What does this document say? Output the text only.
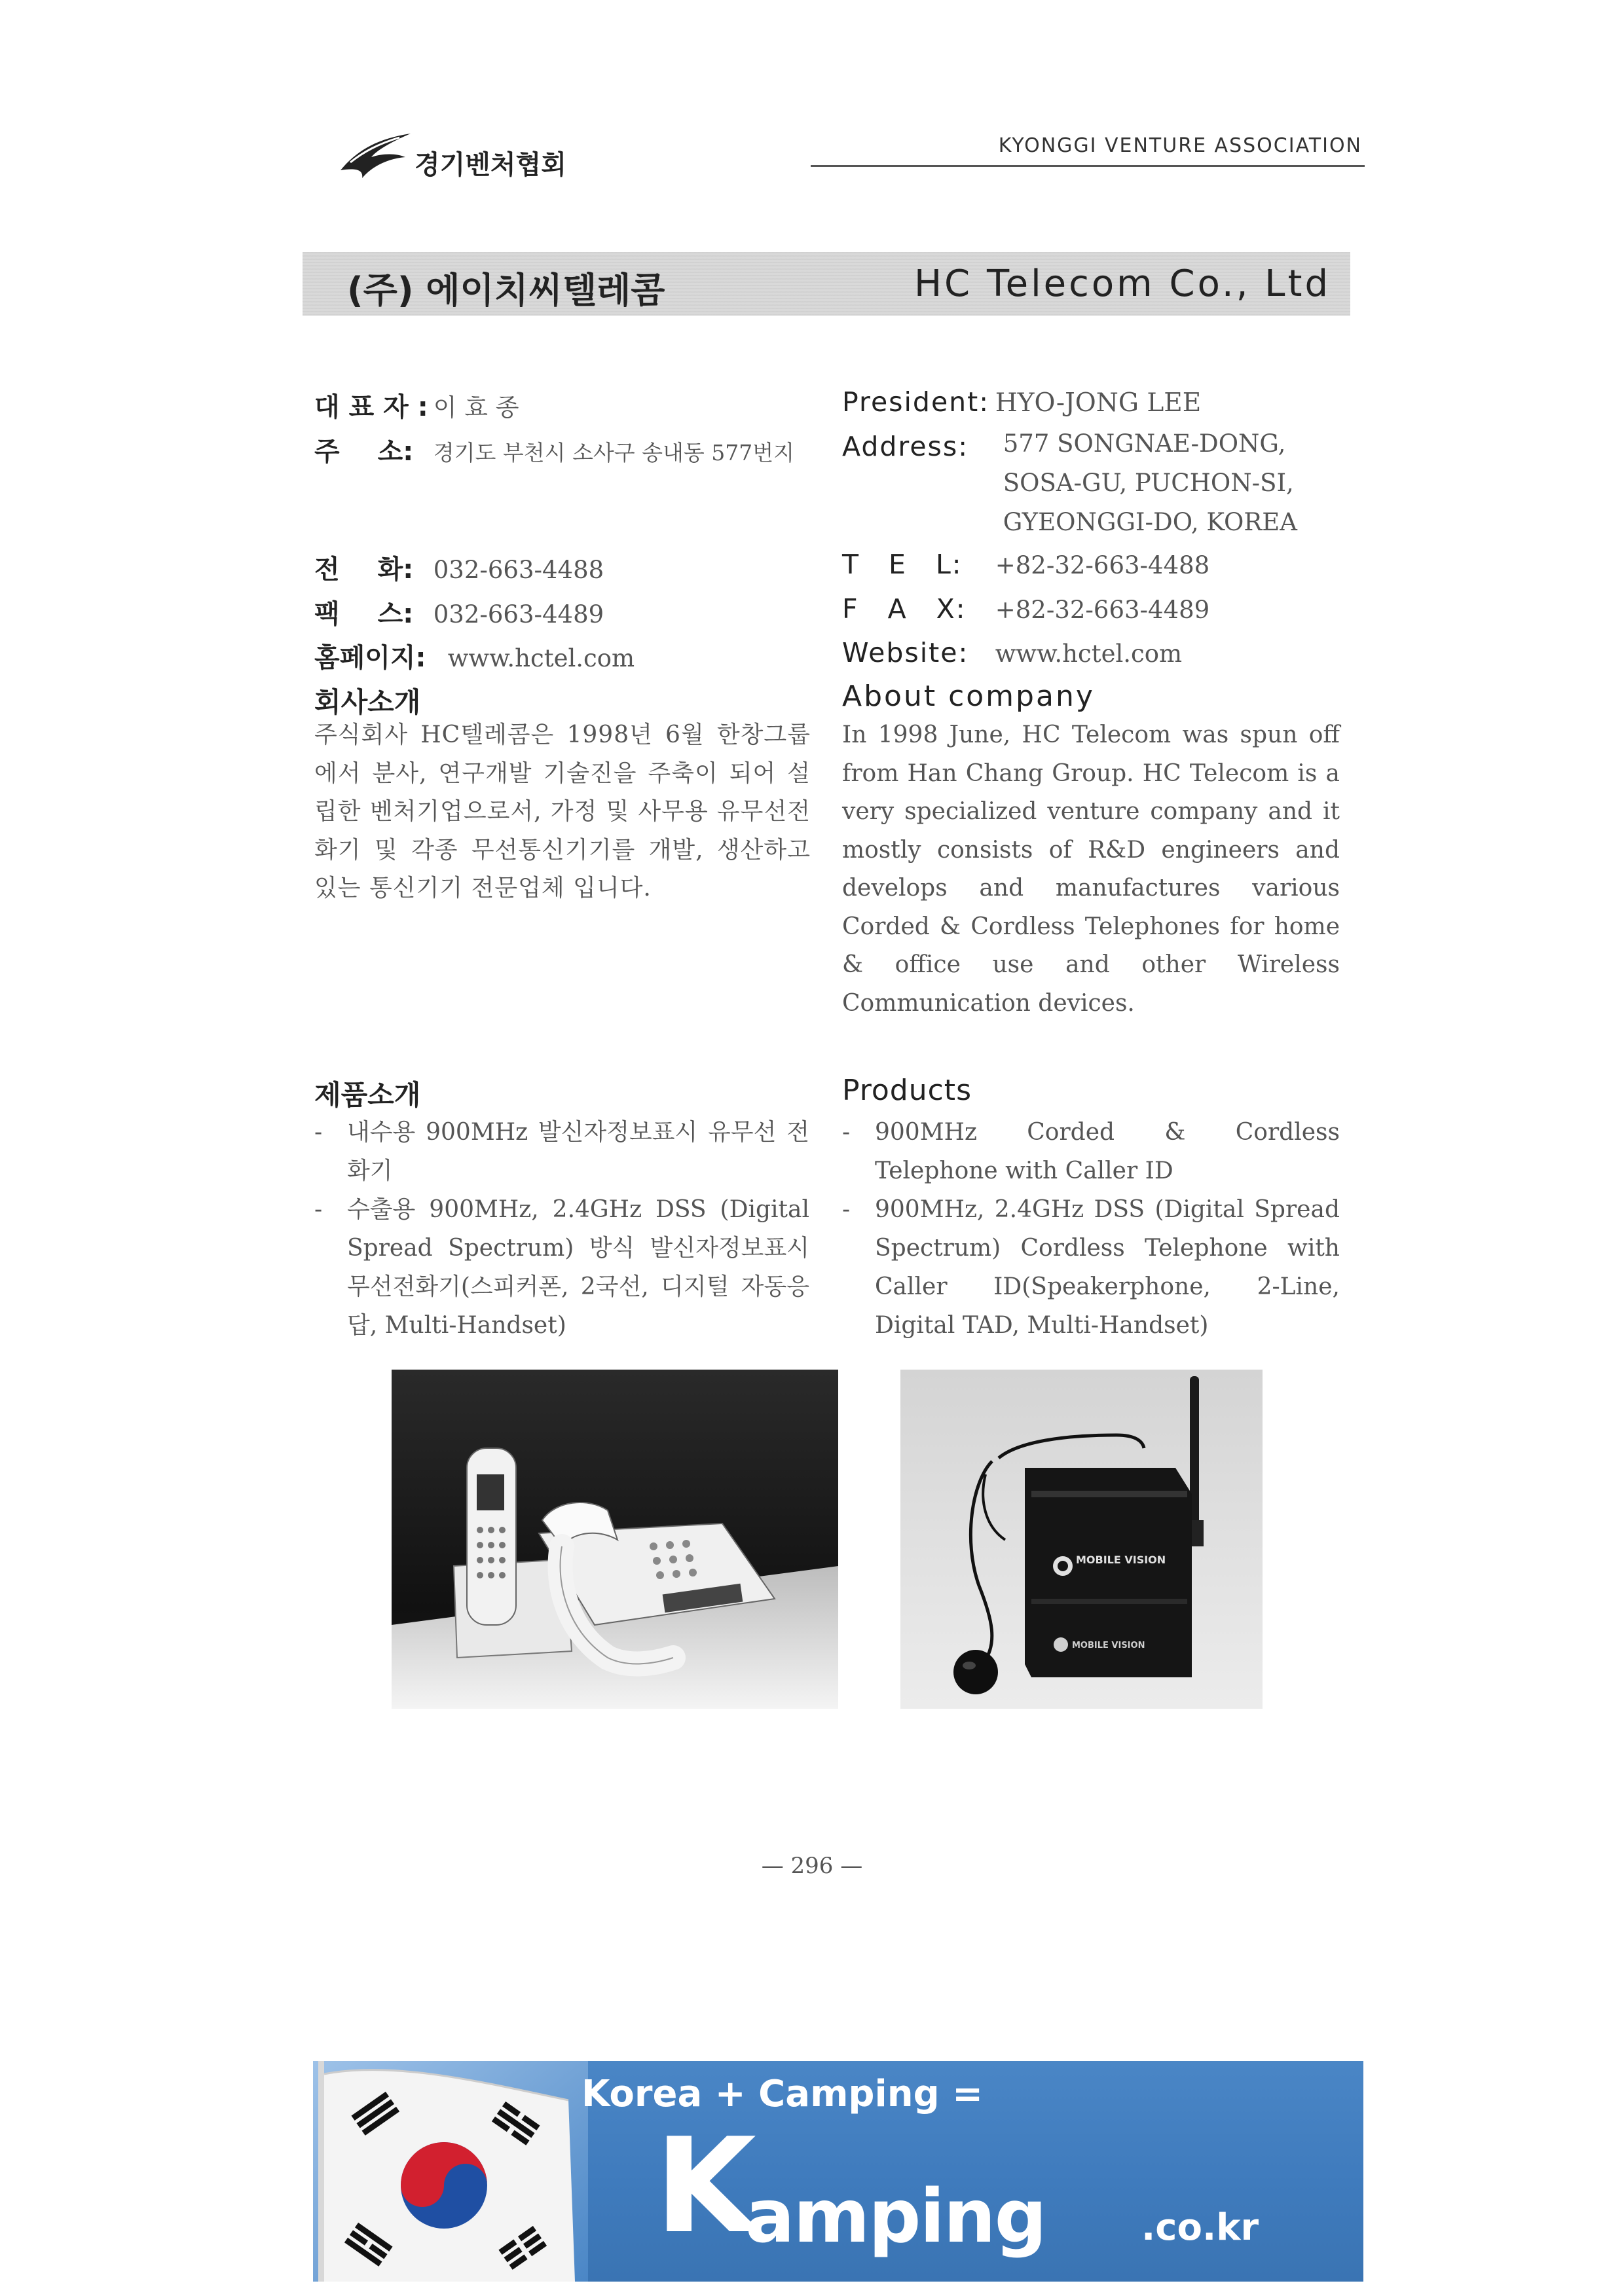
경기벤처협회
KYONGGI VENTURE ASSOCIATION
(주) 에이치씨텔레콤	HC Telecom Co., Ltd
대 표 자 : 이 효 종
주 소: 경기도 부천시 소사구 송내동 577번지
전 화: 032-663-4488
팩 스: 032-663-4489
홈페이지: www.hctel.com
회사소개
주식회사 HC텔레콤은 1998년 6월 한창그룹에서 분사, 연구개발 기술진을 주축이 되어 설립한 벤처기업으로서, 가정 및 사무용 유무선전화기 및 각종 무선통신기기를 개발, 생산하고 있는 통신기기 전문업체 입니다.
President: HYO-JONG LEE
Address: 577 SONGNAE-DONG,
SOSA-GU, PUCHON-SI,
GYEONGGI-DO, KOREA
T E L: +82-32-663-4488
F A X: +82-32-663-4489
Website: www.hctel.com
About company
In 1998 June, HC Telecom was spun off from Han Chang Group. HC Telecom is a very specialized venture company and it mostly consists of R&D engineers and develops and manufactures various Corded & Cordless Telephones for home & office use and other Wireless Communication devices.
제품소개
- 내수용 900MHz 발신자정보표시 유무선 전화기
- 수출용 900MHz, 2.4GHz DSS (Digital Spread Spectrum) 방식 발신자정보표시 무선전화기(스피커폰, 2국선, 디지털 자동응답, Multi-Handset)
Products
- 900MHz Corded & Cordless Telephone with Caller ID
- 900MHz, 2.4GHz DSS (Digital Spread Spectrum) Cordless Telephone with Caller ID(Speakerphone, 2-Line, Digital TAD, Multi-Handset)
MOBILE VISION
MOBILE VISION
— 296 —
Korea + Camping =
K
amping	.co.kr
